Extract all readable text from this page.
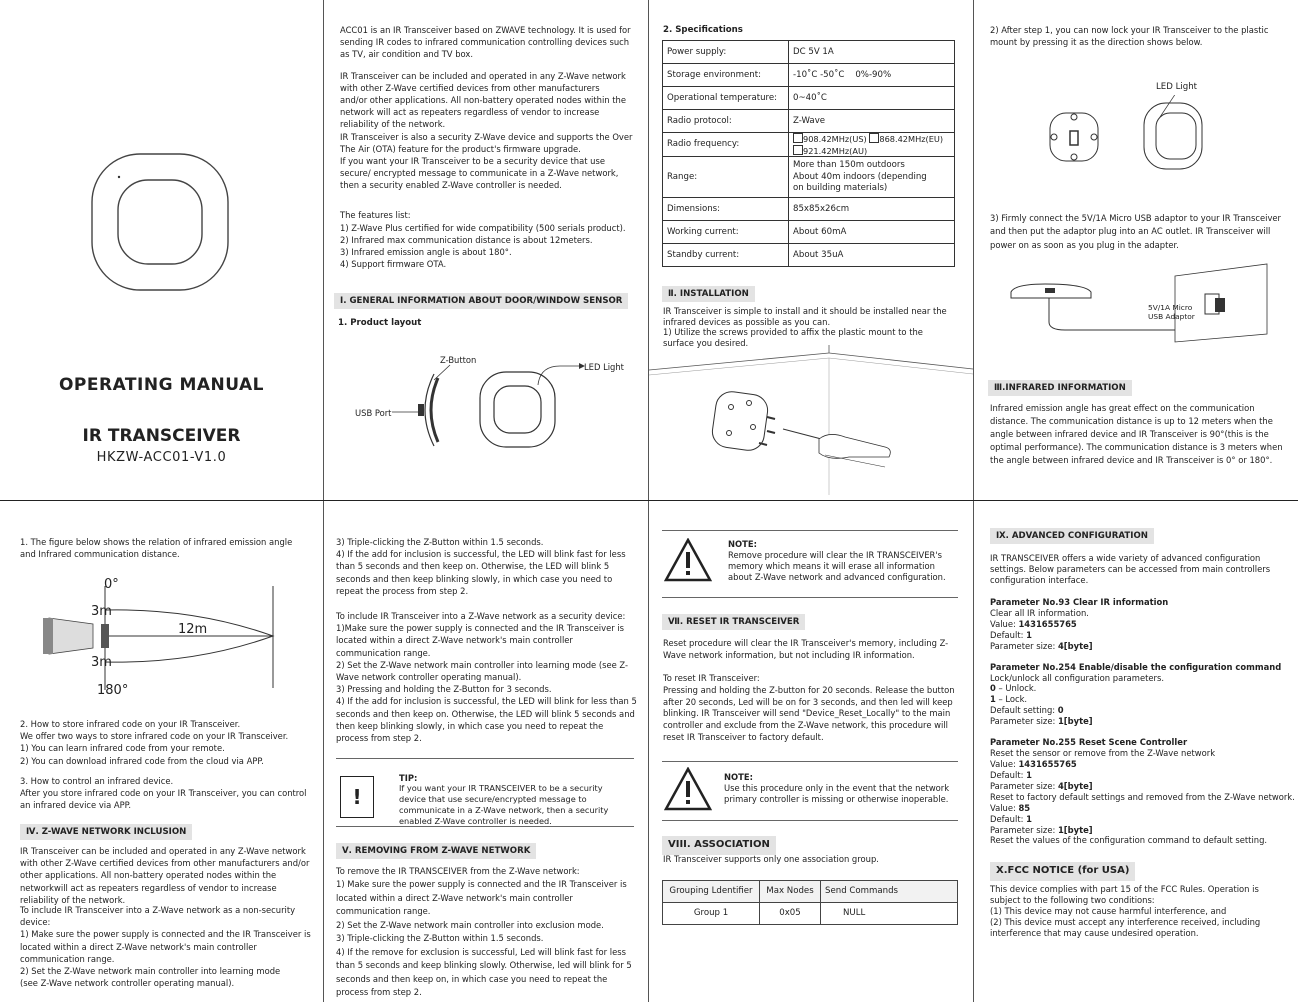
OPERATING MANUAL
IR TRANSCEIVER
HKZW-ACC01-V1.0

ACC01 is an IR Transceiver based on ZWAVE technology. It is used for sending IR codes to infrared communication controlling devices such as TV, air condition and TV box.

IR Transceiver can be included and operated in any Z-Wave network with other Z-Wave certified devices from other manufacturers
and/or other applications. All non-battery operated nodes within the network will act as repeaters regardless of vendor to increase reliability of the network.
IR Transceiver is also a security Z-Wave device and supports the Over The Air (OTA) feature for the product's firmware upgrade.
If you want your IR Transceiver to be a security device that use secure/ encrypted message to communicate in a Z-Wave network, then a security enabled Z-Wave controller is needed.

The features list:
1) Z-Wave Plus certified for wide compatibility (500 serials product).
2) Infrared max communication distance is about 12meters.
3) Infrared emission angle is about 180°.
4) Support firmware OTA.
Ⅰ. GENERAL INFORMATION ABOUT DOOR/WINDOW SENSOR
1. Product layout
Z-Button
LED Light
USB Port
2. Specifications
Power supply:	DC 5V 1A
Storage environment:	-10˚C -50˚C    0%-90%
Operational temperature:	0~40˚C
Radio protocol:	Z-Wave
Radio frequency:	908.42MHz(US) 868.42MHz(EU)
921.42MHz(AU)
Range:	More than 150m outdoors
About 40m indoors (depending
on building materials)
Dimensions:	85x85x26cm
Working current:	About 60mA
Standby current:	About 35uA
Ⅱ. INSTALLATION
IR Transceiver is simple to install and it should be installed near the infrared devices as possible as you can.
1) Utilize the screws provided to affix the plastic mount to the surface you desired.
2) After step 1, you can now lock your IR Transceiver to the plastic mount by pressing it as the direction shows below.
LED Light
3) Firmly connect the 5V/1A Micro USB adaptor to your IR Transceiver and then put the adaptor plug into an AC outlet. IR Transceiver will power on as soon as you plug in the adapter.
5V/1A Micro
USB Adaptor
Ⅲ.INFRARED INFORMATION
Infrared emission angle has great effect on the communication distance. The communication distance is up to 12 meters when the angle between infrared device and IR Transceiver is 90°(this is the optimal performance). The communication distance is 3 meters when the angle between infrared device and IR Transceiver is 0° or 180°.
1. The figure below shows the relation of infrared emission angle and Infrared communication distance.
0°
3m
12m
3m
180°
2. How to store infrared code on your IR Transceiver.
We offer two ways to store infrared code on your IR Transceiver.
1) You can learn infrared code from your remote.
2) You can download infrared code from the cloud via APP.
3. How to control an infrared device.
After you store infrared code on your IR Transceiver, you can control an infrared device via APP.
Ⅳ. Z-WAVE NETWORK INCLUSION
IR Transceiver can be included and operated in any Z-Wave network with other Z-Wave certified devices from other manufacturers and/or other applications. All non-battery operated nodes within the networkwill act as repeaters regardless of vendor to increase reliability of the network.
To include IR Transceiver into a Z-Wave network as a non-security device:
1) Make sure the power supply is connected and the IR Transceiver is located within a direct Z-Wave network's main controller communication range.
2) Set the Z-Wave network main controller into learning mode
(see Z-Wave network controller operating manual).
3) Triple-clicking the Z-Button within 1.5 seconds.
4) If the add for inclusion is successful, the LED will blink fast for less than 5 seconds and then keep on. Otherwise, the LED will blink 5 seconds and then keep blinking slowly, in which case you need to repeat the process from step 2.
To include IR Transceiver into a Z-Wave network as a security device:
1)Make sure the power supply is connected and the IR Transceiver is located within a direct Z-Wave network's main controller communication range.
2) Set the Z-Wave network main controller into learning mode (see Z-Wave network controller operating manual).
3) Pressing and holding the Z-Button for 3 seconds.
4) If the add for inclusion is successful, the LED will blink for less than 5 seconds and then keep on. Otherwise, the LED will blink 5 seconds and then keep blinking slowly, in which case you need to repeat the process from step 2.
!
TIP:
If you want your IR TRANSCEIVER to be a security device that use secure/encrypted message to communicate in a Z-Wave network, then a security enabled Z-Wave controller is needed.
Ⅴ. REMOVING FROM Z-WAVE NETWORK
To remove the IR TRANSCEIVER from the Z-Wave network:
1) Make sure the power supply is connected and the IR Transceiver is located within a direct Z-Wave network's main controller communication range.
2) Set the Z-Wave network main controller into exclusion mode.
3) Triple-clicking the Z-Button within 1.5 seconds.
4) If the remove for exclusion is successful, Led will blink fast for less than 5 seconds and keep blinking slowly. Otherwise, led will blink for 5 seconds and then keep on, in which case you need to repeat the process from step 2.
NOTE:
Remove procedure will clear the IR TRANSCEIVER's memory which means it will erase all information about Z-Wave network and advanced configuration.
Ⅶ. RESET IR TRANSCEIVER
Reset procedure will clear the IR Transceiver's memory, including Z-Wave network information, but not including IR information.
To reset IR Transceiver:
Pressing and holding the Z-button for 20 seconds. Release the button after 20 seconds, Led will be on for 3 seconds, and then led will keep blinking. IR Transceiver will send "Device_Reset_Locally" to the main controller and exclude from the Z-Wave network, this procedure will reset IR Transceiver to factory default.
NOTE:
Use this procedure only in the event that the network primary controller is missing or otherwise inoperable.
VIII. ASSOCIATION
IR Transceiver supports only one association group.
Grouping Ldentifier	Max Nodes	Send Commands
Group 1	0x05	NULL
Ⅸ. ADVANCED CONFIGURATION
IR TRANSCEIVER offers a wide variety of advanced configuration settings. Below parameters can be accessed from main controllers configuration interface.
Parameter No.93 Clear IR information
Clear all IR information.
Value: 1431655765
Default: 1
Parameter size: 4[byte]
Parameter No.254 Enable/disable the configuration command
Lock/unlock all configuration parameters.
0 – Unlock.
1 – Lock.
Default setting: 0
Parameter size: 1[byte]
Parameter No.255 Reset Scene Controller
Reset the sensor or remove from the Z-Wave network
Value: 1431655765
Default: 1
Parameter size: 4[byte]
Reset to factory default settings and removed from the Z-Wave network.
Value: 85
Default: 1
Parameter size: 1[byte]
Reset the values of the configuration command to default setting.
X.FCC NOTICE (for USA)
This device complies with part 15 of the FCC Rules. Operation is subject to the following two conditions:
(1) This device may not cause harmful interference, and
(2) This device must accept any interference received, including interference that may cause undesired operation.
